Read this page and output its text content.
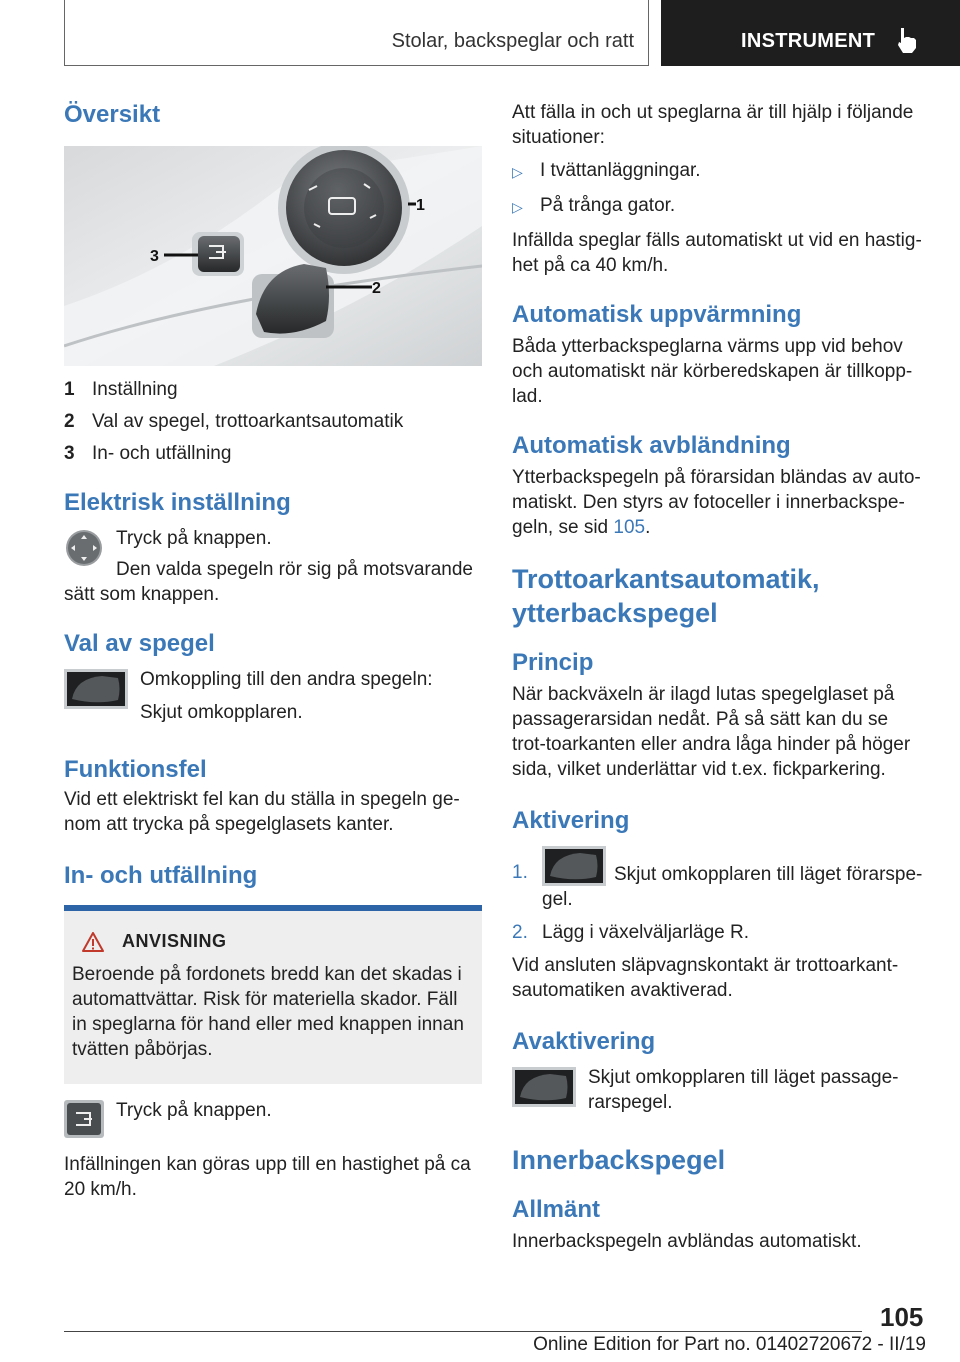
Stolar, backspeglar och ratt	INSTRUMENT
Översikt
1
2
3
1 Inställning
2 Val av spegel, trottoarkantsautomatik
3 In- och utfällning
Elektrisk inställning
Tryck på knappen.
Den valda spegeln rör sig på motsvarande sätt som knappen.
Val av spegel
Omkoppling till den andra spegeln:
Skjut omkopplaren.
Funktionsfel
Vid ett elektriskt fel kan du ställa in spegeln ge-nom att trycka på spegelglasets kanter.
In- och utfällning
ANVISNING
Beroende på fordonets bredd kan det skadas i automattvättar. Risk för materiella skador. Fäll in speglarna för hand eller med knappen innan tvätten påbörjas.
Tryck på knappen.
Infällningen kan göras upp till en hastighet på ca 20 km/h.
Att fälla in och ut speglarna är till hjälp i följande situationer:
▷ I tvättanläggningar.
▷ På trånga gator.
Infällda speglar fälls automatiskt ut vid en hastig-het på ca 40 km/h.
Automatisk uppvärmning
Båda ytterbackspeglarna värms upp vid behov och automatiskt när körberedskapen är tillkopp-lad.
Automatisk avbländning
Ytterbackspegeln på förarsidan bländas av auto-matiskt. Den styrs av fotoceller i innerbackspe-geln, se sid 105.
Trottoarkantsautomatik, ytterbackspegel
Princip
När backväxeln är ilagd lutas spegelglaset på passagerarsidan nedåt. På så sätt kan du se trot-toarkanten eller andra låga hinder på höger sida, vilket underlättar vid t.ex. fickparkering.
Aktivering
1.	Skjut omkopplaren till läget förarspe-gel.
2. Lägg i växelväljarläge R.
Vid ansluten släpvagnskontakt är trottoarkant-sautomatiken avaktiverad.
Avaktivering
Skjut omkopplaren till läget passage-rarspegel.
Innerbackspegel
Allmänt
Innerbackspegeln avbländas automatiskt.
105
Online Edition for Part no. 01402720672 - II/19
